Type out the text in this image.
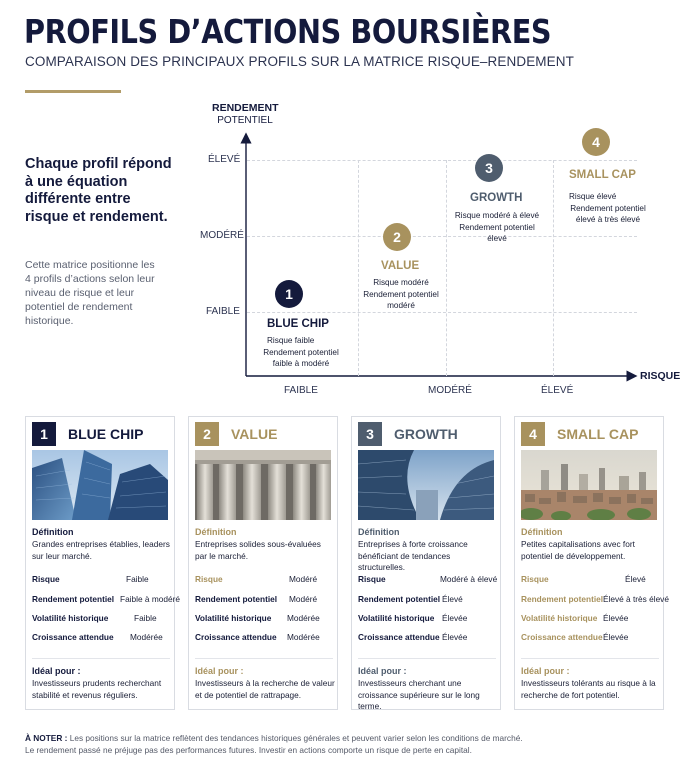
PROFILS D’ACTIONS BOURSIÈRES
COMPARAISON DES PRINCIPAUX PROFILS SUR LA MATRICE RISQUE–RENDEMENT
Chaque profil répond à une équation différente entre risque et rendement.
Cette matrice positionne les 4 profils d’actions selon leur niveau de risque et leur potentiel de rendement historique.
RENDEMENT
POTENTIEL
RISQUE
ÉLEVÉ
MODÉRÉ
FAIBLE
FAIBLE	MODÉRÉ	ÉLEVÉ
1
BLUE CHIP
Risque faible
Rendement potentiel
faible à modéré
2
VALUE
Risque modéré
Rendement potentiel
modéré
3
GROWTH
Risque modéré à élevé
Rendement potentiel
élevé
4
SMALL CAP
Risque élevé
Rendement potentiel
élevé à très élevé
1	BLUE CHIP
Définition
Grandes entreprises établies, leaders sur leur marché.
Risque	Faible
Rendement potentiel Faible à modéré
Volatilité historique	Faible
Croissance attendue Modérée
Idéal pour :
Investisseurs prudents recherchant stabilité et revenus réguliers.
2	VALUE
Définition
Entreprises solides sous-évaluées par le marché.
Risque	Modéré
Rendement potentiel Modéré
Volatilité historique Modérée
Croissance attendue Modérée
Idéal pour :
Investisseurs à la recherche de valeur et de potentiel de rattrapage.
3	GROWTH
Définition
Entreprises à forte croissance bénéficiant de tendances structurelles.
Risque	Modéré à élevé
Rendement potentiel Élevé
Volatilité historique Élevée
Croissance attendue Élevée
Idéal pour :
Investisseurs cherchant une croissance supérieure sur le long terme.
4	SMALL CAP
Définition
Petites capitalisations avec fort potentiel de développement.
Risque	Élevé
Rendement potentiel Élevé à très élevé
Volatilité historique Élevée
Croissance attendue Élevée
Idéal pour :
Investisseurs tolérants au risque à la recherche de fort potentiel.
À NOTER : Les positions sur la matrice reflètent des tendances historiques générales et peuvent varier selon les conditions de marché.
Le rendement passé ne préjuge pas des performances futures. Investir en actions comporte un risque de perte en capital.
